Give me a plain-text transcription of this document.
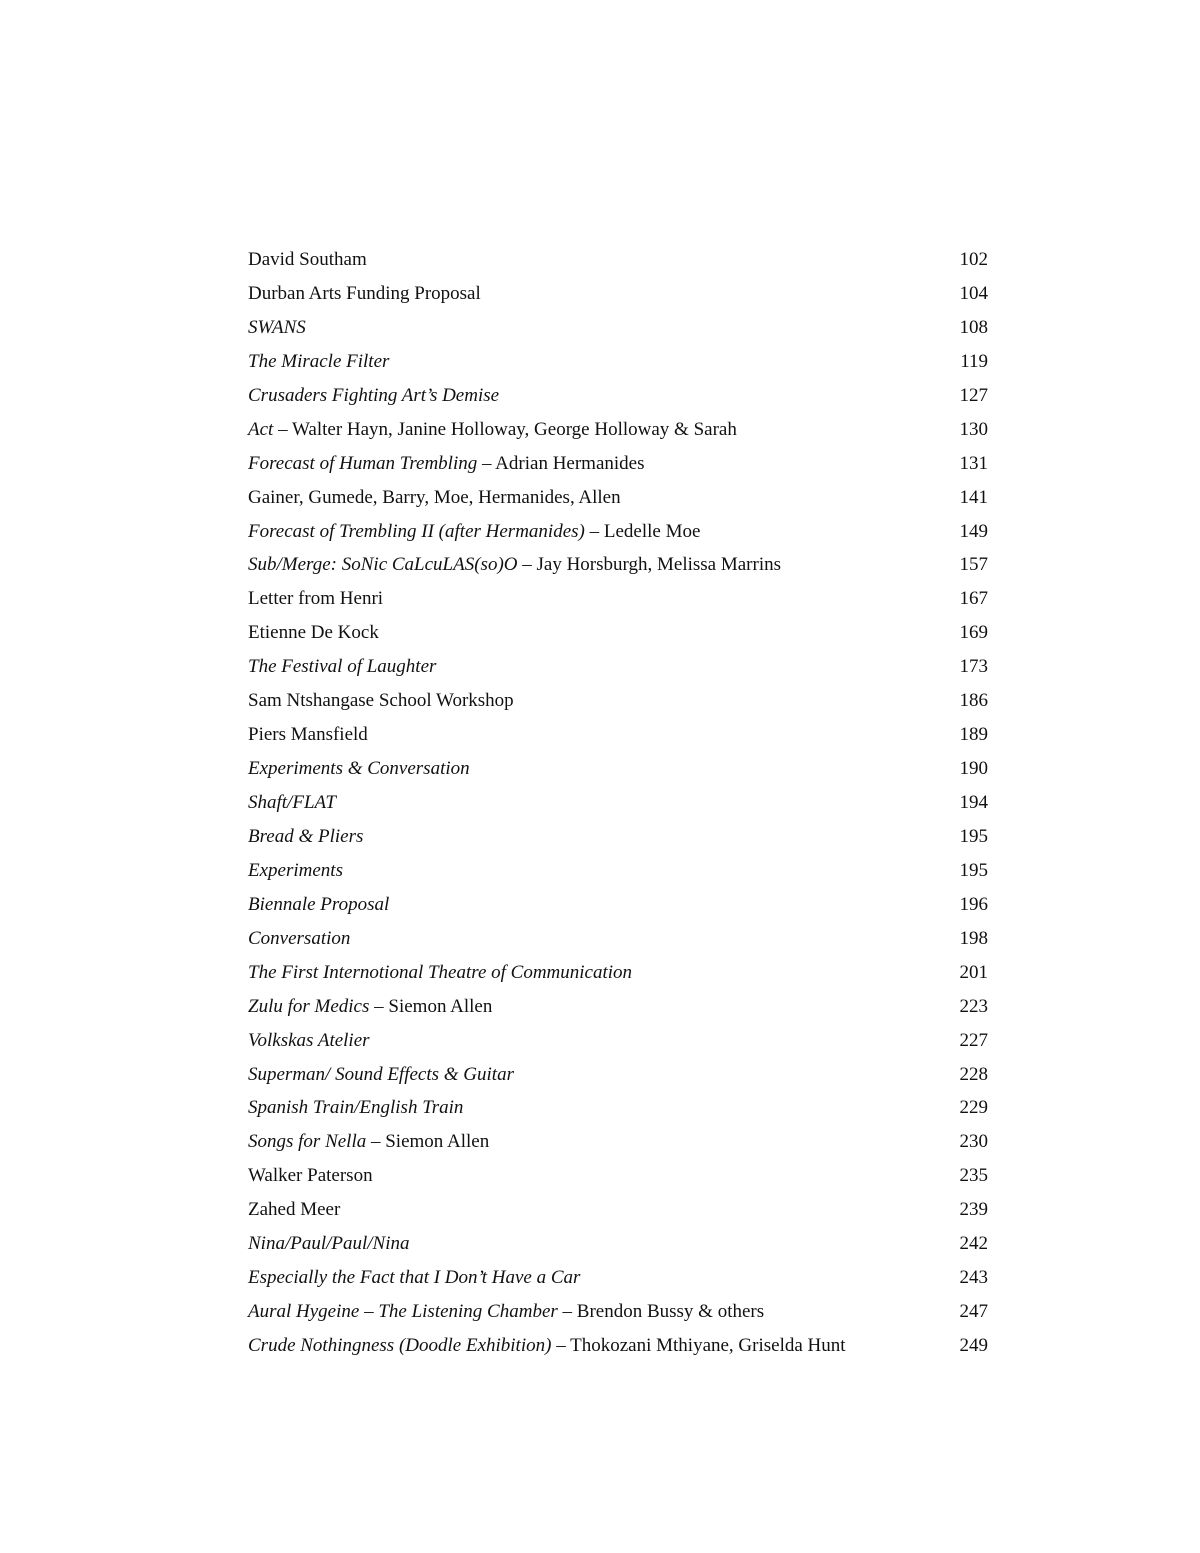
David Southam	102
Durban Arts Funding Proposal	104
SWANS	108
The Miracle Filter	119
Crusaders Fighting Art’s Demise	127
Act – Walter Hayn, Janine Holloway, George Holloway & Sarah	130
Forecast of Human Trembling – Adrian Hermanides	131
Gainer, Gumede, Barry, Moe, Hermanides, Allen	141
Forecast of Trembling II (after Hermanides) – Ledelle Moe	149
Sub/Merge: SoNic CaLcuLAS(so)O – Jay Horsburgh, Melissa Marrins	157
Letter from Henri	167
Etienne De Kock	169
The Festival of Laughter	173
Sam Ntshangase School Workshop	186
Piers Mansfield	189
Experiments & Conversation	190
Shaft/FLAT	194
Bread & Pliers	195
Experiments	195
Biennale Proposal	196
Conversation	198
The First Internotional Theatre of Communication	201
Zulu for Medics – Siemon Allen	223
Volkskas Atelier	227
Superman/ Sound Effects & Guitar	228
Spanish Train/English Train	229
Songs for Nella – Siemon Allen	230
Walker Paterson	235
Zahed Meer	239
Nina/Paul/Paul/Nina	242
Especially the Fact that I Don’t Have a Car	243
Aural Hygeine – The Listening Chamber – Brendon Bussy & others	247
Crude Nothingness (Doodle Exhibition) – Thokozani Mthiyane, Griselda Hunt	249
